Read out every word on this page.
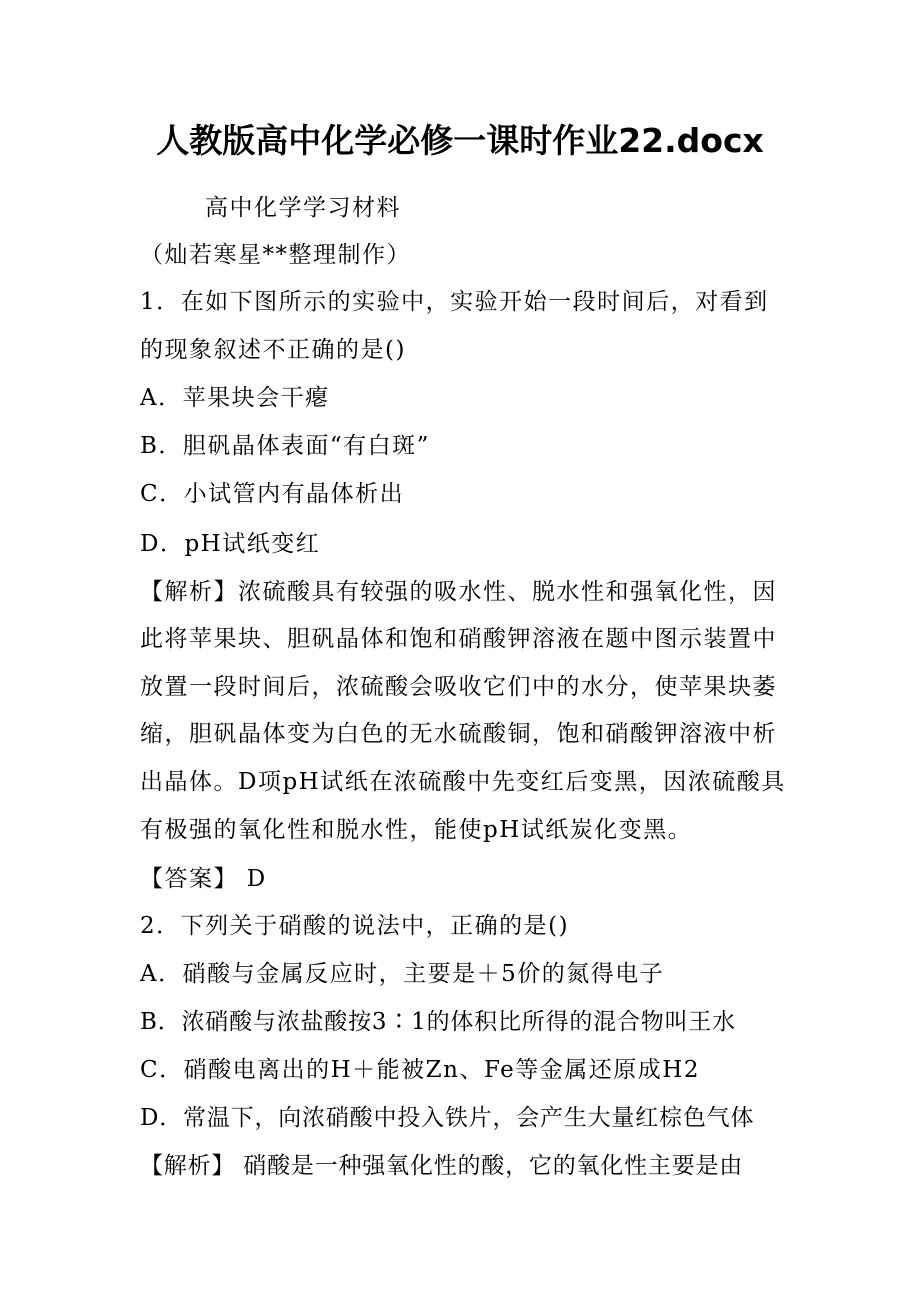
人教版高中化学必修一课时作业22.docx
高中化学学习材料
（灿若寒星**整理制作）
1．在如下图所示的实验中，实验开始一段时间后，对看到
的现象叙述不正确的是()
A．苹果块会干瘪
B．胆矾晶体表面“有白斑”
C．小试管内有晶体析出
D．pH试纸变红
【解析】浓硫酸具有较强的吸水性、脱水性和强氧化性，因
此将苹果块、胆矾晶体和饱和硝酸钾溶液在题中图示装置中
放置一段时间后，浓硫酸会吸收它们中的水分，使苹果块萎
缩，胆矾晶体变为白色的无水硫酸铜，饱和硝酸钾溶液中析
出晶体。D项pH试纸在浓硫酸中先变红后变黑，因浓硫酸具
有极强的氧化性和脱水性，能使pH试纸炭化变黑。
【答案】 D
2．下列关于硝酸的说法中，正确的是()
A．硝酸与金属反应时，主要是＋5价的氮得电子
B．浓硝酸与浓盐酸按3∶1的体积比所得的混合物叫王水
C．硝酸电离出的H＋能被Zn、Fe等金属还原成H2
D．常温下，向浓硝酸中投入铁片，会产生大量红棕色气体
【解析】 硝酸是一种强氧化性的酸，它的氧化性主要是由
